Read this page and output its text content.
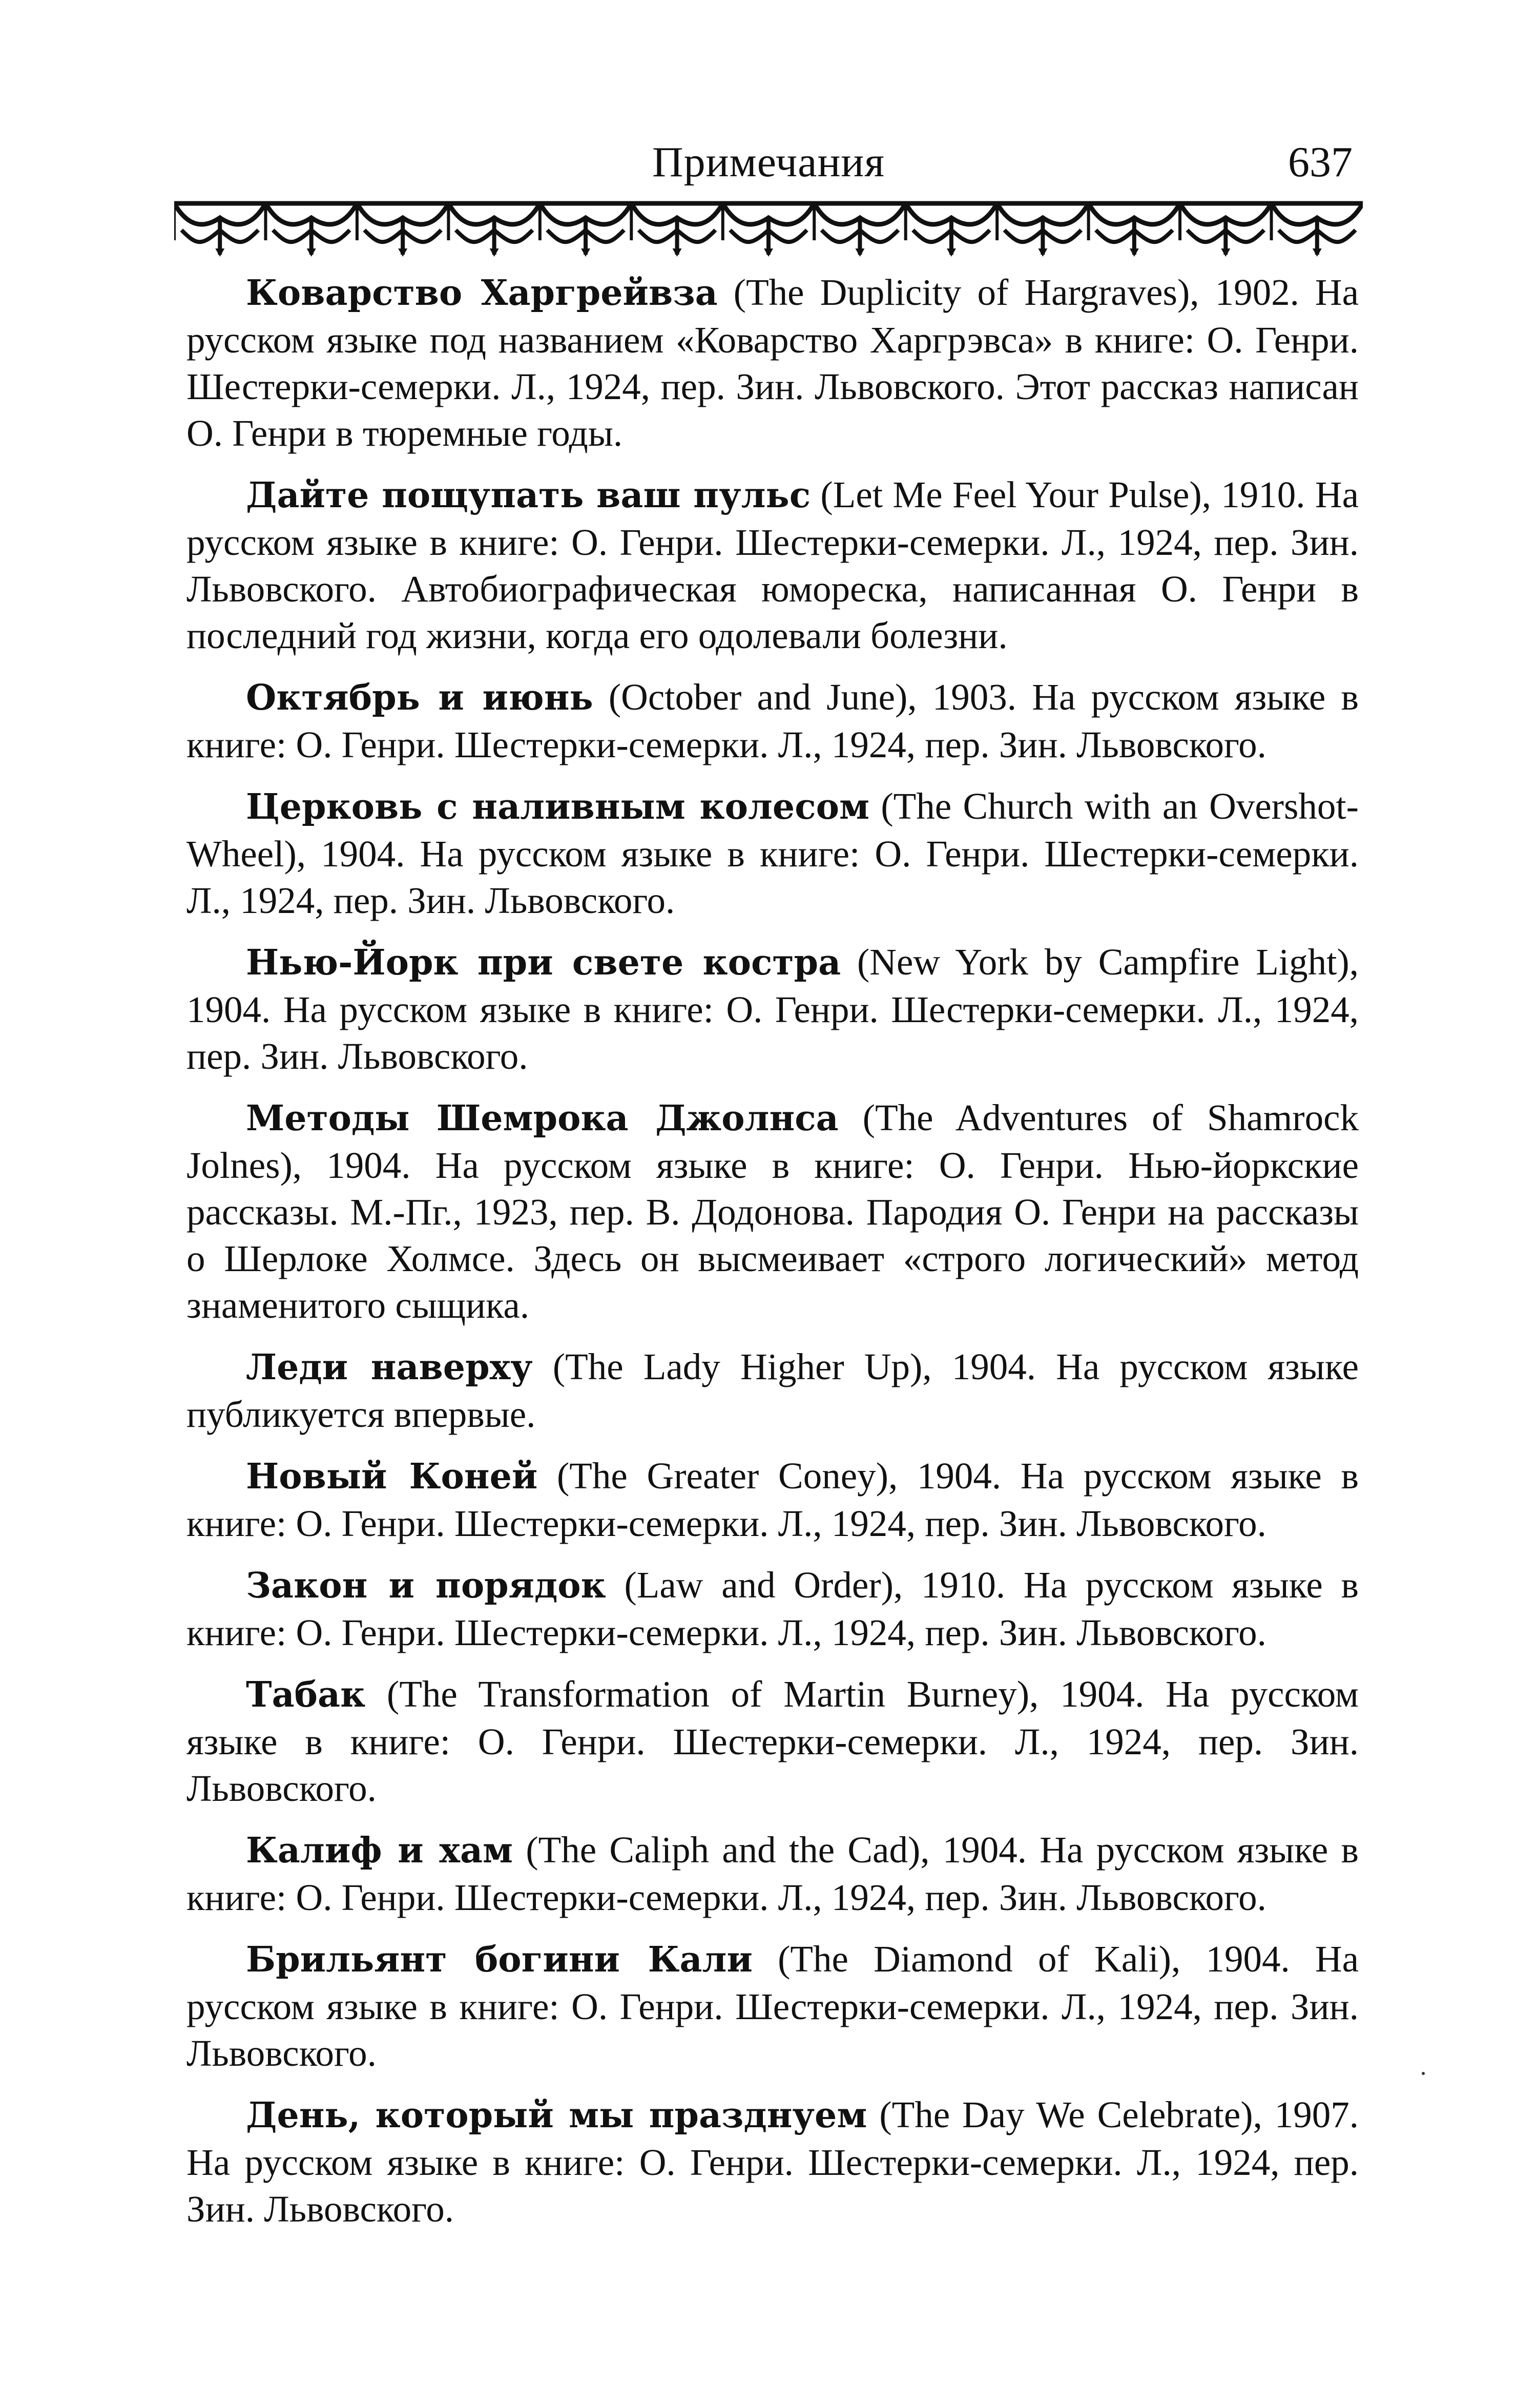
Примечания	637

Коварство Харгрейвза (The Duplicity of Hargraves), 1902. На русском языке под названием «Коварство Харгрэвса» в книге: О. Генри. Шестерки-семерки. Л., 1924, пер. Зин. Львовского. Этот рассказ написан О. Генри в тюремные годы.

Дайте пощупать ваш пульс (Let Me Feel Your Pulse), 1910. На русском языке в книге: О. Генри. Шестерки-семерки. Л., 1924, пер. Зин. Львовского. Автобиографическая юмореска, написанная О. Генри в последний год жизни, когда его одолевали болезни.

Октябрь и июнь (October and June), 1903. На русском языке в книге: О. Генри. Шестерки-семерки. Л., 1924, пер. Зин. Львовского.

Церковь с наливным колесом (The Church with an Overshot-Wheel), 1904. На русском языке в книге: О. Генри. Шестерки-семерки. Л., 1924, пер. Зин. Львовского.

Нью-Йорк при свете костра (New York by Campfire Light), 1904. На русском языке в книге: О. Генри. Шестерки-семерки. Л., 1924, пер. Зин. Львовского.

Методы Шемрока Джолнса (The Adventures of Shamrock Jolnes), 1904. На русском языке в книге: О. Генри. Нью-йоркские рассказы. М.-Пг., 1923, пер. В. Додонова. Пародия О. Генри на рассказы о Шерлоке Холмсе. Здесь он высмеивает «строго логический» метод знаменитого сыщика.

Леди наверху (The Lady Higher Up), 1904. На русском языке публикуется впервые.

Новый Коней (The Greater Coney), 1904. На русском языке в книге: О. Генри. Шестерки-семерки. Л., 1924, пер. Зин. Львовского.

Закон и порядок (Law and Order), 1910. На русском языке в книге: О. Генри. Шестерки-семерки. Л., 1924, пер. Зин. Львовского.

Табак (The Transformation of Martin Burney), 1904. На русском языке в книге: О. Генри. Шестерки-семерки. Л., 1924, пер. Зин. Львовского.

Калиф и хам (The Caliph and the Cad), 1904. На русском языке в книге: О. Генри. Шестерки-семерки. Л., 1924, пер. Зин. Львовского.

Брильянт богини Кали (The Diamond of Kali), 1904. На русском языке в книге: О. Генри. Шестерки-семерки. Л., 1924, пер. Зин. Львовского.

День, который мы празднуем (The Day We Celebrate), 1907. На русском языке в книге: О. Генри. Шестерки-семерки. Л., 1924, пер. Зин. Львовского.
